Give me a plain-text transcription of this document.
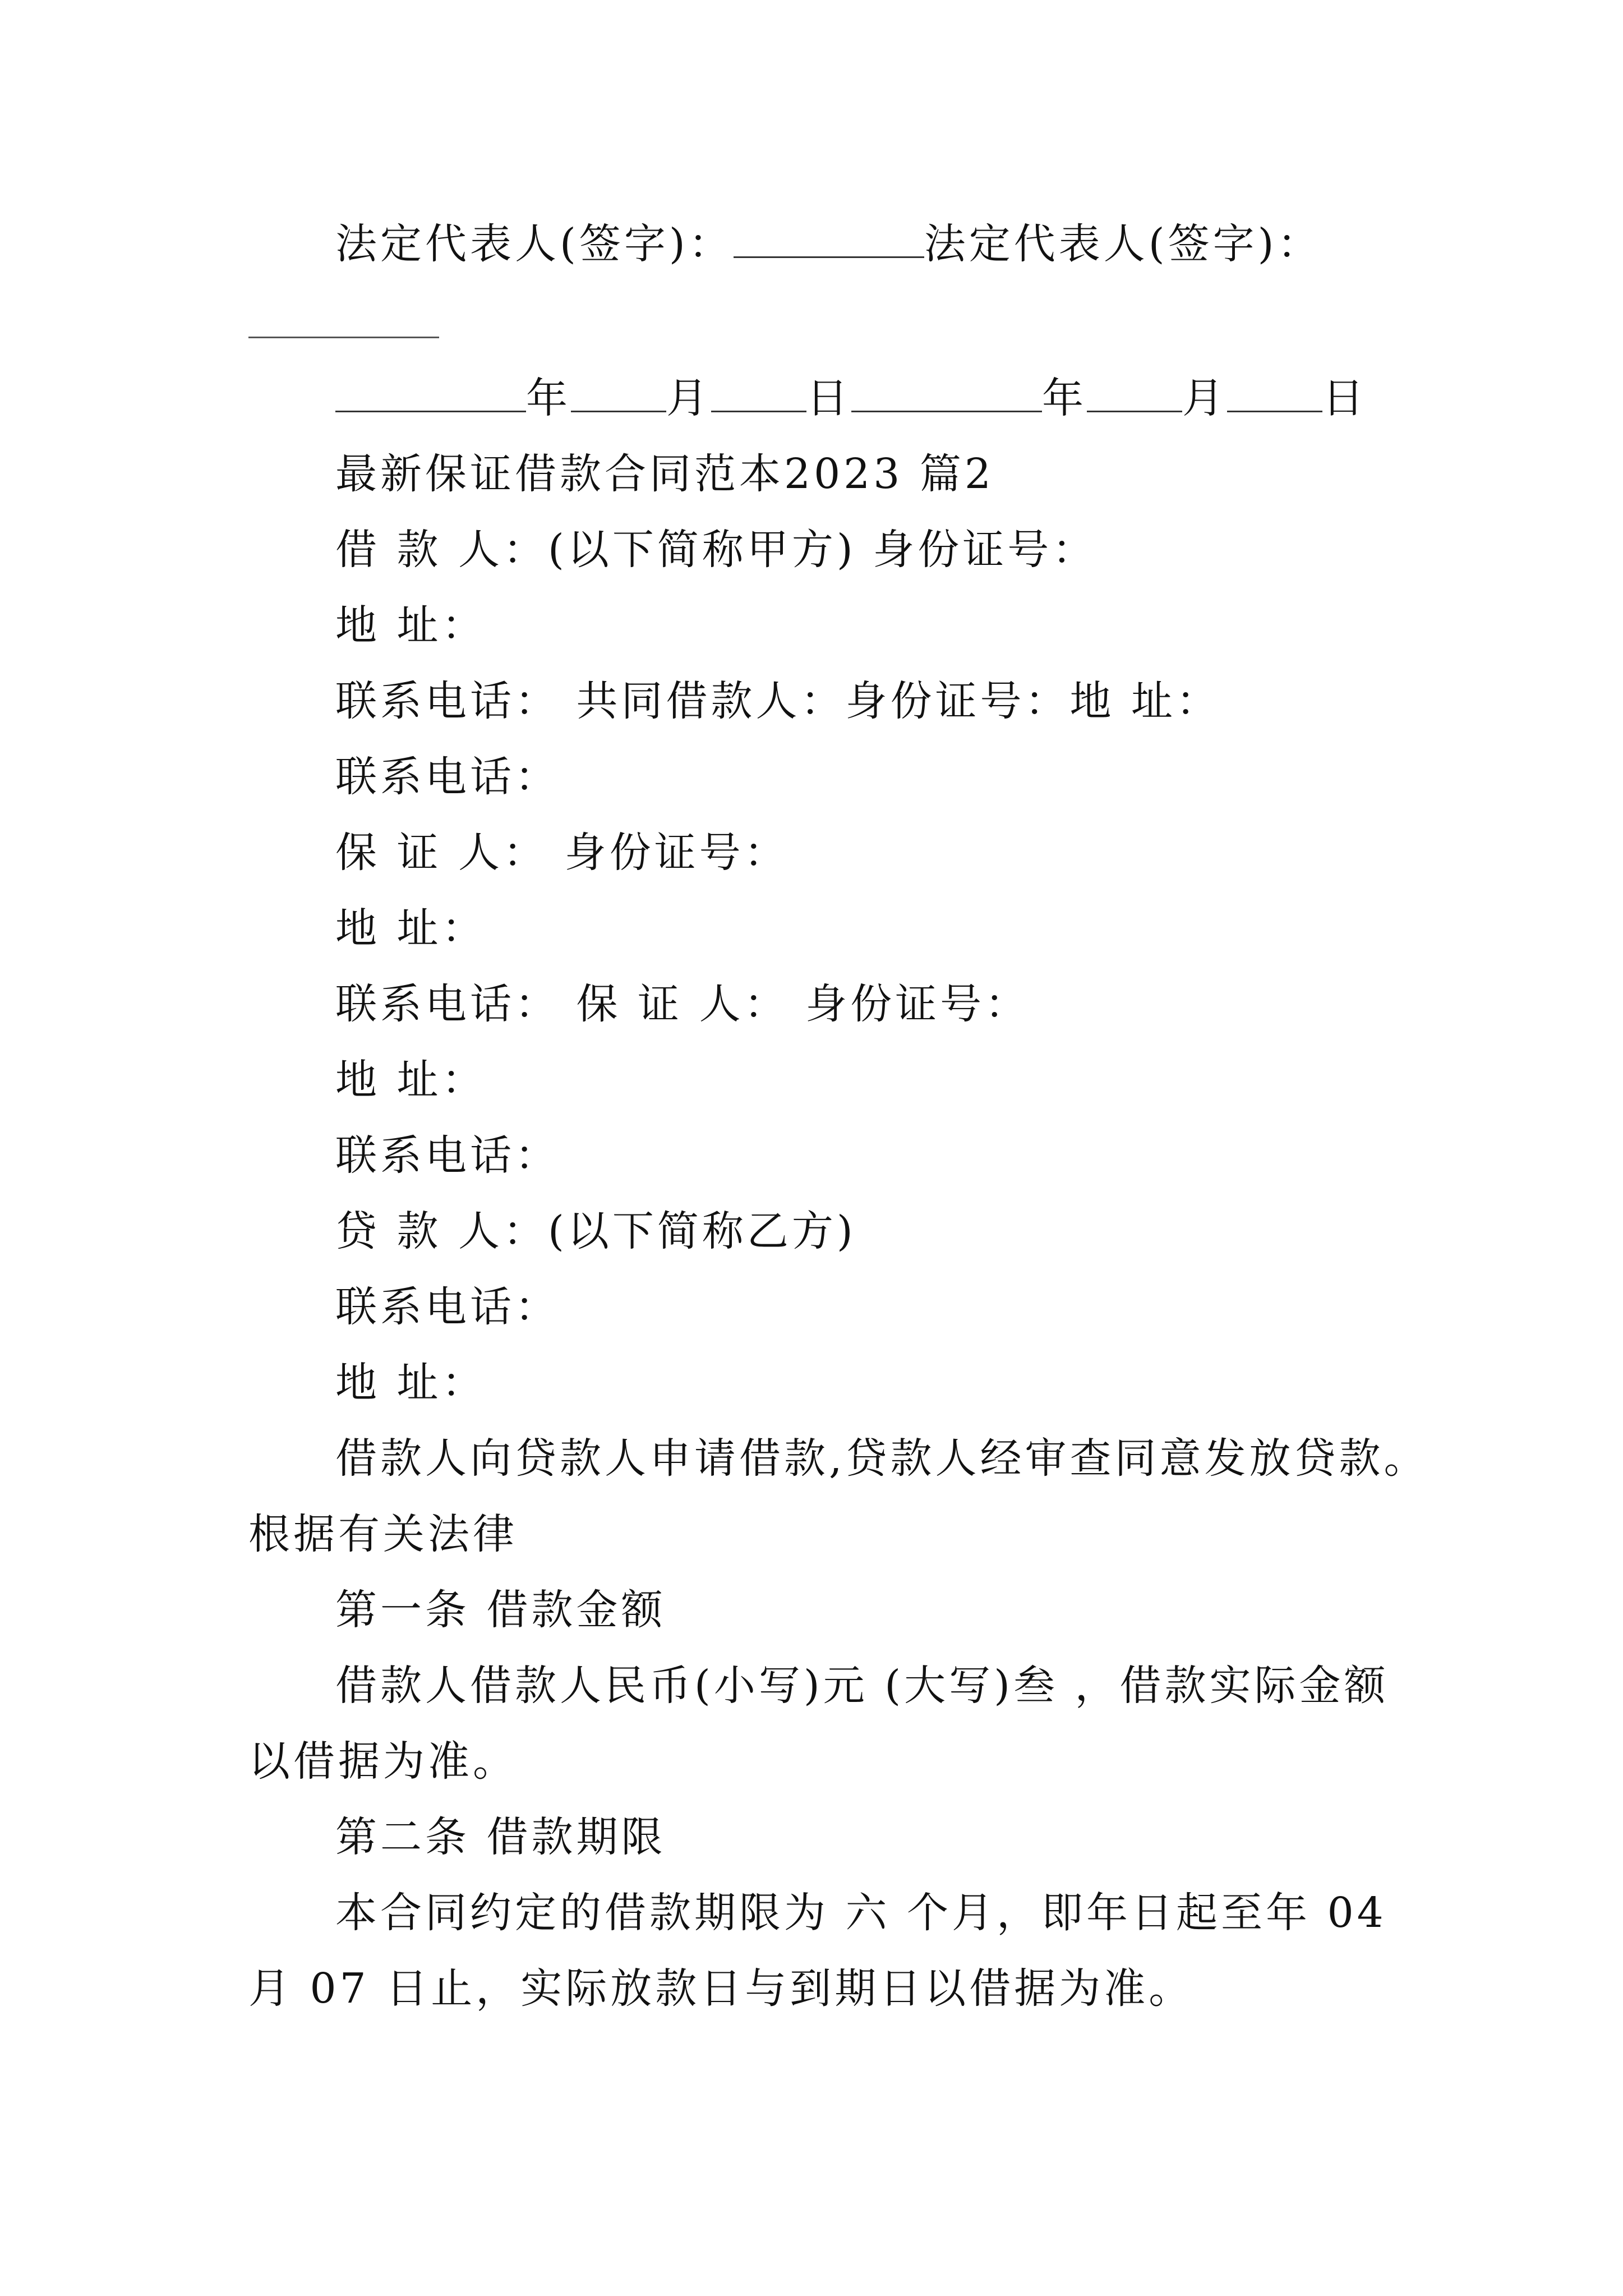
法定代表人(签字)：	法定代表人(签字)：
年 月 日	年 月 日
最新保证借款合同范本2023 篇2
借 款 人：(以下简称甲方) 身份证号：
地 址：
联系电话： 共同借款人：身份证号：地 址：
联系电话：
保 证 人： 身份证号：
地 址：
联系电话： 保 证 人： 身份证号：
地 址：
联系电话：
贷 款 人：(以下简称乙方)
联系电话：
地 址：
借款人向贷款人申请借款,贷款人经审查同意发放贷款。
根据有关法律
第一条 借款金额
借款人借款人民币(小写)元 (大写)叁 ，借款实际金额
以借据为准。
第二条 借款期限
本合同约定的借款期限为 六 个月，即年日起至年 04
月 07 日止，实际放款日与到期日以借据为准。
